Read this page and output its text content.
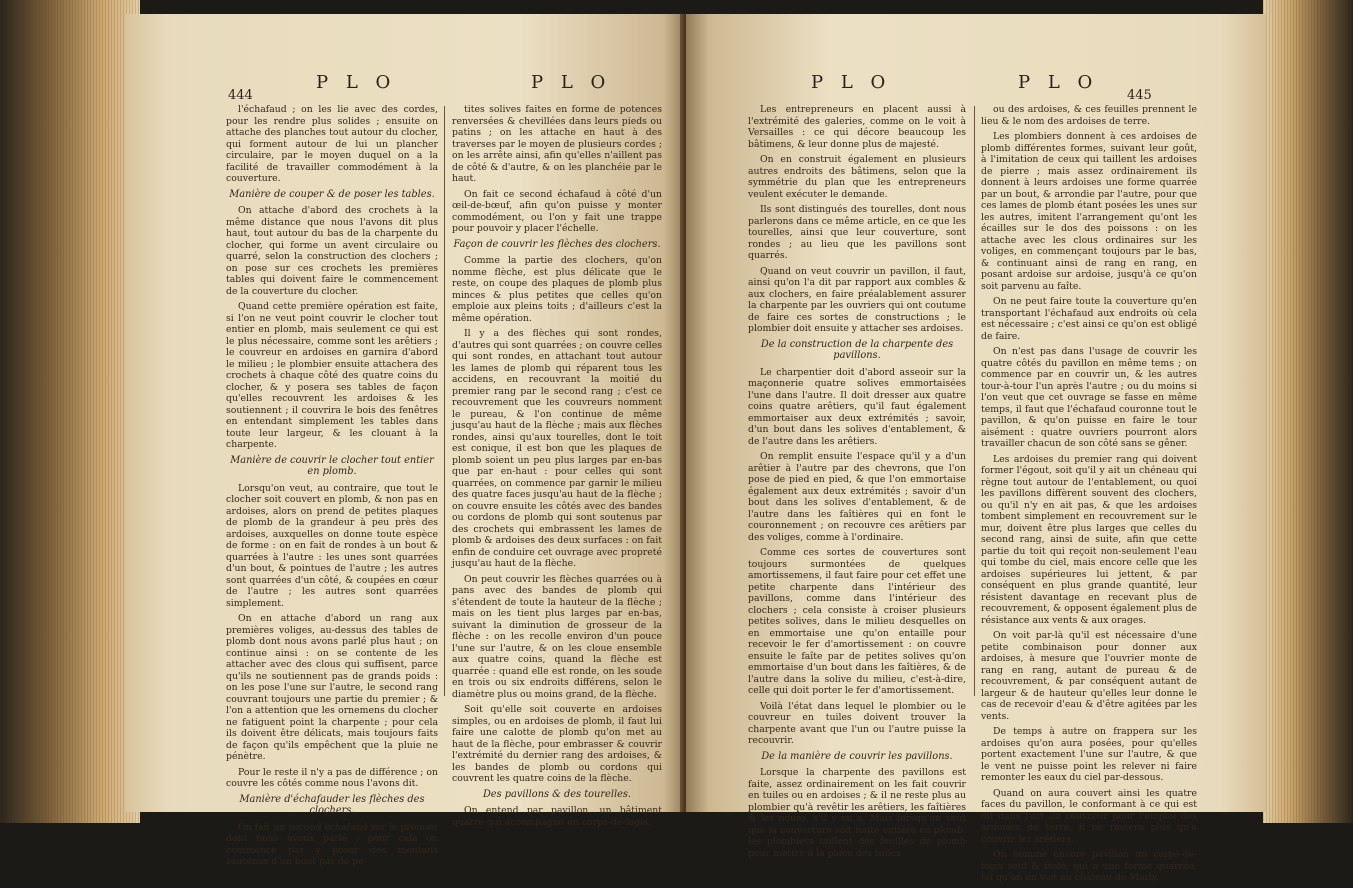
444
P L O	P L O

l'échafaud ; on les lie avec des cordes, pour les rendre plus solides ; ensuite on attache des planches tout autour du clocher, qui forment autour de lui un plancher circulaire, par le moyen duquel on a la facilité de travailler commodément à la couverture.

Manière de couper & de poser les tables.

On attache d'abord des crochets à la même distance que nous l'avons dit plus haut, tout autour du bas de la charpente du clocher, qui forme un avent circulaire ou quarré, selon la construction des clochers ; on pose sur ces crochets les premières tables qui doivent faire le commencement de la couverture du clocher.

Quand cette première opération est faite, si l'on ne veut point couvrir le clocher tout entier en plomb, mais seulement ce qui est le plus nécessaire, comme sont les arêtiers ; le couvreur en ardoises en garnira d'abord le milieu ; le plombier ensuite attachera des crochets à chaque côté des quatre coins du clocher, & y posera ses tables de façon qu'elles recouvrent les ardoises & les soutiennent ; il couvrira le bois des fenêtres en entendant simplement les tables dans toute leur largeur, & les clouant à la charpente.

Manière de couvrir le clocher tout entier en plomb.

Lorsqu'on veut, au contraire, que tout le clocher soit couvert en plomb, & non pas en ardoises, alors on prend de petites plaques de plomb de la grandeur à peu près des ardoises, auxquelles on donne toute espèce de forme : on en fait de rondes à un bout & quarrées à l'autre : les unes sont quarrées d'un bout, & pointues de l'autre ; les autres sont quarrées d'un côté, & coupées en cœur de l'autre ; les autres sont quarrées simplement.

On en attache d'abord un rang aux premières voliges, au-dessus des tables de plomb dont nous avons parlé plus haut ; on continue ainsi : on se contente de les attacher avec des clous qui suffisent, parce qu'ils ne soutiennent pas de grands poids : on les pose l'une sur l'autre, le second rang couvrant toujours une partie du premier ; & l'on a attention que les ornemens du clocher ne fatiguent point la charpente ; pour cela ils doivent être délicats, mais toujours faits de façon qu'ils empêchent que la pluie ne pénètre.

Pour le reste il n'y a pas de différence ; on couvre les côtés comme nous l'avons dit.

Manière d'échafauder les flèches des clochers.

On fait un second échafaud sur le premier dont nous avons parlé ; pour cela on commence par y poser des moutans soutenus d'un bout par de pe-

tites solives faites en forme de potences renversées & chevillées dans leurs pieds ou patins ; on les attache en haut à des traverses par le moyen de plusieurs cordes ; on les arrête ainsi, afin qu'elles n'aillent pas de côté & d'autre, & on les planchéie par le haut.

On fait ce second échafaud à côté d'un œil-de-bœuf, afin qu'on puisse y monter commodément, ou l'on y fait une trappe pour pouvoir y placer l'échelle.

Façon de couvrir les flèches des clochers.

Comme la partie des clochers, qu'on nomme flèche, est plus délicate que le reste, on coupe des plaques de plomb plus minces & plus petites que celles qu'on emploie aux pleins toits ; d'ailleurs c'est la même opération.

Il y a des flèches qui sont rondes, d'autres qui sont quarrées ; on couvre celles qui sont rondes, en attachant tout autour les lames de plomb qui réparent tous les accidens, en recouvrant la moitié du premier rang par le second rang ; c'est ce recouvrement que les couvreurs nomment le pureau, & l'on continue de même jusqu'au haut de la flèche ; mais aux flèches rondes, ainsi qu'aux tourelles, dont le toit est conique, il est bon que les plaques de plomb soient un peu plus larges par en-bas que par en-haut : pour celles qui sont quarrées, on commence par garnir le milieu des quatre faces jusqu'au haut de la flèche ; on couvre ensuite les côtés avec des bandes ou cordons de plomb qui sont soutenus par des crochets qui embrassent les lames de plomb & ardoises des deux surfaces : on fait enfin de conduire cet ouvrage avec propreté jusqu'au haut de la flèche.

On peut couvrir les flèches quarrées ou à pans avec des bandes de plomb qui s'étendent de toute la hauteur de la flèche ; mais on les tient plus larges par en-bas, suivant la diminution de grosseur de la flèche : on les recolle environ d'un pouce l'une sur l'autre, & on les cloue ensemble aux quatre coins, quand la flèche est quarrée : quand elle est ronde, on les soude en trois ou six endroits différens, selon le diamètre plus ou moins grand, de la flèche.

Soit qu'elle soit couverte en ardoises simples, ou en ardoises de plomb, il faut lui faire une calotte de plomb qu'on met au haut de la flèche, pour embrasser & couvrir l'extrémité du dernier rang des ardoises, & les bandes de plomb ou cordons qui couvrent les quatre coins de la flèche.

Des pavillons & des tourelles.

On entend par pavillon, un bâtiment quarré qui accompagne un corps-de-logis.

P L O	P L O
445

Les entrepreneurs en placent aussi à l'extrémité des galeries, comme on le voit à Versailles : ce qui décore beaucoup les bâtimens, & leur donne plus de majesté.

On en construit également en plusieurs autres endroits des bâtimens, selon que la symmétrie du plan que les entrepreneurs veulent exécuter le demande.

Ils sont distingués des tourelles, dont nous parlerons dans ce même article, en ce que les tourelles, ainsi que leur couverture, sont rondes ; au lieu que les pavillons sont quarrés.

Quand on veut couvrir un pavillon, il faut, ainsi qu'on l'a dit par rapport aux combles & aux clochers, en faire préalablement assurer la charpente par les ouvriers qui ont coutume de faire ces sortes de constructions ; le plombier doit ensuite y attacher ses ardoises.

De la construction de la charpente des pavillons.

Le charpentier doit d'abord asseoir sur la maçonnerie quatre solives emmortaisées l'une dans l'autre. Il doit dresser aux quatre coins quatre arêtiers, qu'il faut également emmortaiser aux deux extrémités ; savoir, d'un bout dans les solives d'entablement, & de l'autre dans les arêtiers.

On remplit ensuite l'espace qu'il y a d'un arêtier à l'autre par des chevrons, que l'on pose de pied en pied, & que l'on emmortaise également aux deux extrémités ; savoir d'un bout dans les solives d'entablement, & de l'autre dans les faîtières qui en font le couronnement ; on recouvre ces arêtiers par des voliges, comme à l'ordinaire.

Comme ces sortes de couvertures sont toujours surmontées de quelques amortissemens, il faut faire pour cet effet une petite charpente dans l'intérieur des pavillons, comme dans l'intérieur des clochers ; cela consiste à croiser plusieurs petites solives, dans le milieu desquelles on en emmortaise une qu'on entaille pour recevoir le fer d'amortissement : on couvre ensuite le faîte par de petites solives qu'on emmortaise d'un bout dans les faîtières, & de l'autre dans la solive du milieu, c'est-à-dire, celle qui doit porter le fer d'amortissement.

Voilà l'état dans lequel le plombier ou le couvreur en tuiles doivent trouver la charpente avant que l'un ou l'autre puisse la recouvrir.

De la manière de couvrir les pavillons.

Lorsque la charpente des pavillons est faite, assez ordinairement on les fait couvrir en tuiles ou en ardoises ; & il ne reste plus au plombier qu'à revêtir les arêtiers, les faîtières & les noues, s'il y en a. Mais lorsqu'on veut que la couverture soit toute entière en plomb, les plombiers taillent des feuilles de plomb pour mettre à la place des tuiles

ou des ardoises, & ces feuilles prennent le lieu & le nom des ardoises de terre.

Les plombiers donnent à ces ardoises de plomb différentes formes, suivant leur goût, à l'imitation de ceux qui taillent les ardoises de pierre ; mais assez ordinairement ils donnent à leurs ardoises une forme quarrée par un bout, & arrondie par l'autre, pour que ces lames de plomb étant posées les unes sur les autres, imitent l'arrangement qu'ont les écailles sur le dos des poissons : on les attache avec les clous ordinaires sur les voliges, en commençant toujours par le bas, & continuant ainsi de rang en rang, en posant ardoise sur ardoise, jusqu'à ce qu'on soit parvenu au faîte.

On ne peut faire toute la couverture qu'en transportant l'échafaud aux endroits où cela est nécessaire ; c'est ainsi ce qu'on est obligé de faire.

On n'est pas dans l'usage de couvrir les quatre côtés du pavillon en même tems ; on commence par en couvrir un, & les autres tour-à-tour l'un après l'autre ; ou du moins si l'on veut que cet ouvrage se fasse en même temps, il faut que l'échafaud couronne tout le pavillon, & qu'on puisse en faire le tour aisément : quatre ouvriers pourront alors travailler chacun de son côté sans se gêner.

Les ardoises du premier rang qui doivent former l'égout, soit qu'il y ait un chéneau qui règne tout autour de l'entablement, ou quoi les pavillons diffèrent souvent des clochers, ou qu'il n'y en ait pas, & que les ardoises tombent simplement en recouvrement sur le mur, doivent être plus larges que celles du second rang, ainsi de suite, afin que cette partie du toit qui reçoit non-seulement l'eau qui tombe du ciel, mais encore celle que les ardoises supérieures lui jettent, & par conséquent en plus grande quantité, leur résistent davantage en recevant plus de recouvrement, & opposent également plus de résistance aux vents & aux orages.

On voit par-là qu'il est nécessaire d'une petite combinaison pour donner aux ardoises, à mesure que l'ouvrier monte de rang en rang, autant de pureau & de recouvrement, & par conséquent autant de largeur & de hauteur qu'elles leur donne le cas de recevoir d'eau & d'être agitées par les vents.

De temps à autre on frappera sur les ardoises qu'on aura posées, pour qu'elles portent exactement l'une sur l'autre, & que le vent ne puisse point les relever ni faire remonter les eaux du ciel par-dessous.

Quand on aura couvert ainsi les quatre faces du pavillon, le conformant à ce qui est dit dans l'art du couvreur pour l'emploi des ardoises de terre, il ne restera plus qu'à couvrir les arêtiers.

On nomme encore pavillon un corps-de-logis seul & isolé, qui a une forme quarrée, tel qu'on en voit au château de Marly.
